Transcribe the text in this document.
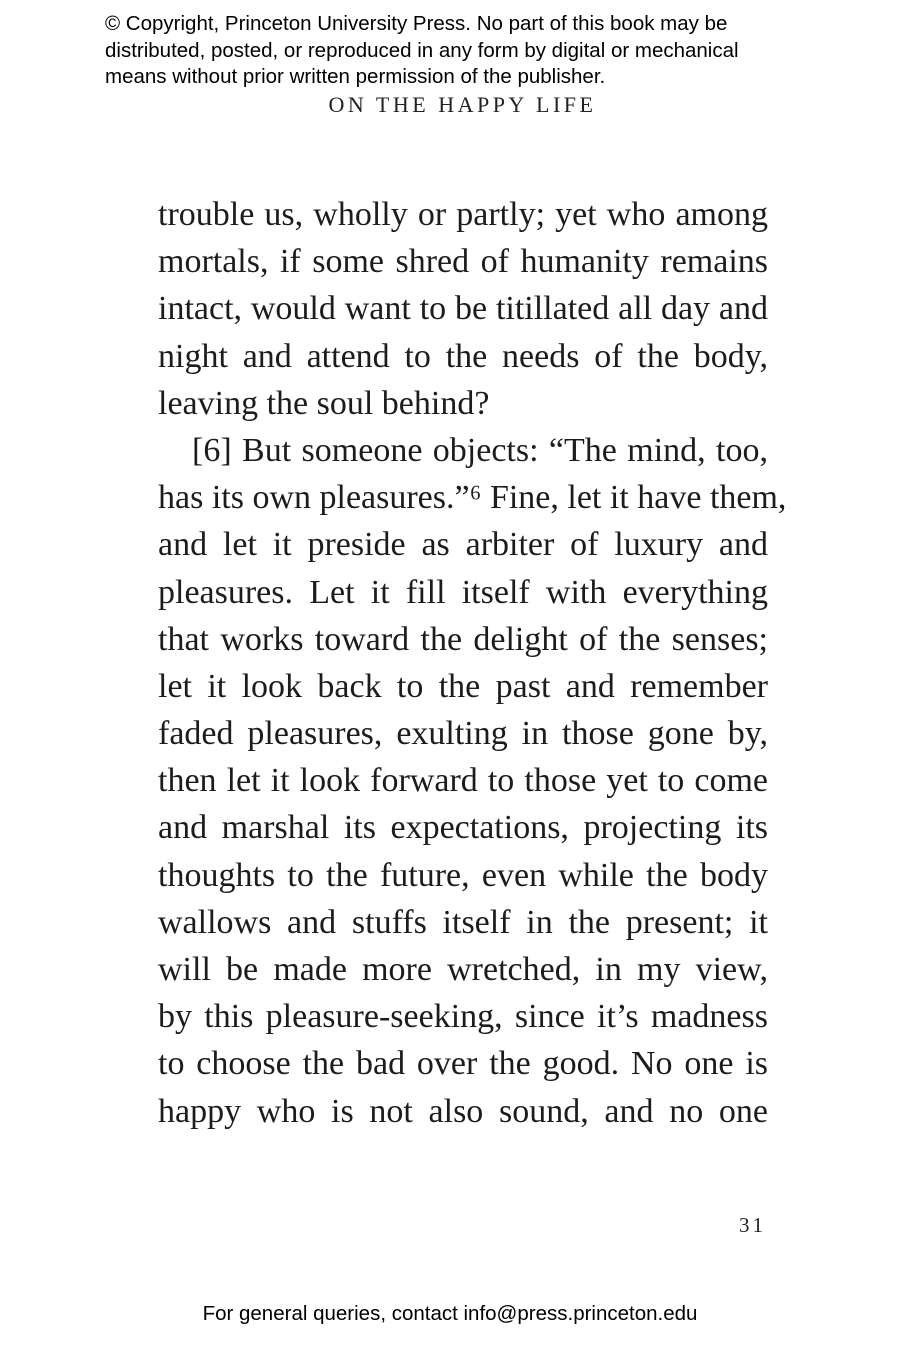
© Copyright, Princeton University Press. No part of this book may be
distributed, posted, or reproduced in any form by digital or mechanical
means without prior written permission of the publisher.
ON THE HAPPY LIFE
trouble us, wholly or partly; yet who among
mortals, if some shred of humanity remains
intact, would want to be titillated all day and
night and attend to the needs of the body,
leaving the soul behind?
[6] But someone objects: “The mind, too,
has its own pleasures.”⁶ Fine, let it have them,
and let it preside as arbiter of luxury and
pleasures. Let it fill itself with everything
that works toward the delight of the senses;
let it look back to the past and remember
faded pleasures, exulting in those gone by,
then let it look forward to those yet to come
and marshal its expectations, projecting its
thoughts to the future, even while the body
wallows and stuffs itself in the present; it
will be made more wretched, in my view,
by this pleasure-seeking, since it’s madness
to choose the bad over the good. No one is
happy who is not also sound, and no one
31
For general queries, contact info@press.princeton.edu
